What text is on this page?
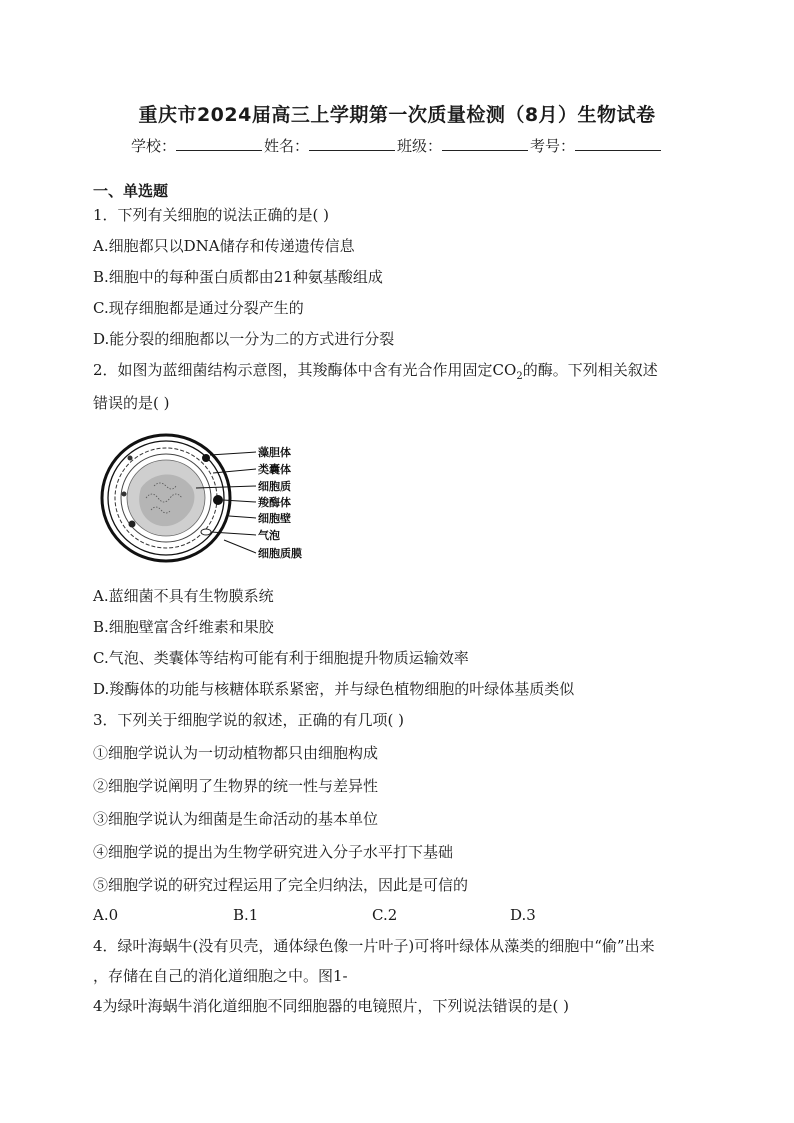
重庆市2024届高三上学期第一次质量检测（8月）生物试卷
学校：	姓名：	班级：	考号：
一、单选题
1．下列有关细胞的说法正确的是( )
A.细胞都只以DNA储存和传递遗传信息
B.细胞中的每种蛋白质都由21种氨基酸组成
C.现存细胞都是通过分裂产生的
D.能分裂的细胞都以一分为二的方式进行分裂
2．如图为蓝细菌结构示意图，其羧酶体中含有光合作用固定$CO_2$的酶。下列相关叙述
错误的是( )
藻胆体
类囊体
细胞质
羧酶体
细胞壁
气泡
细胞质膜
A.蓝细菌不具有生物膜系统
B.细胞壁富含纤维素和果胶
C.气泡、类囊体等结构可能有利于细胞提升物质运输效率
D.羧酶体的功能与核糖体联系紧密，并与绿色植物细胞的叶绿体基质类似
3．下列关于细胞学说的叙述，正确的有几项( )
①细胞学说认为一切动植物都只由细胞构成
②细胞学说阐明了生物界的统一性与差异性
③细胞学说认为细菌是生命活动的基本单位
④细胞学说的提出为生物学研究进入分子水平打下基础
⑤细胞学说的研究过程运用了完全归纳法，因此是可信的
A.0	B.1	C.2	D.3
4．绿叶海蜗牛(没有贝壳，通体绿色像一片叶子)可将叶绿体从藻类的细胞中“偷”出来
，存储在自己的消化道细胞之中。图1-
4为绿叶海蜗牛消化道细胞不同细胞器的电镜照片，下列说法错误的是( )
